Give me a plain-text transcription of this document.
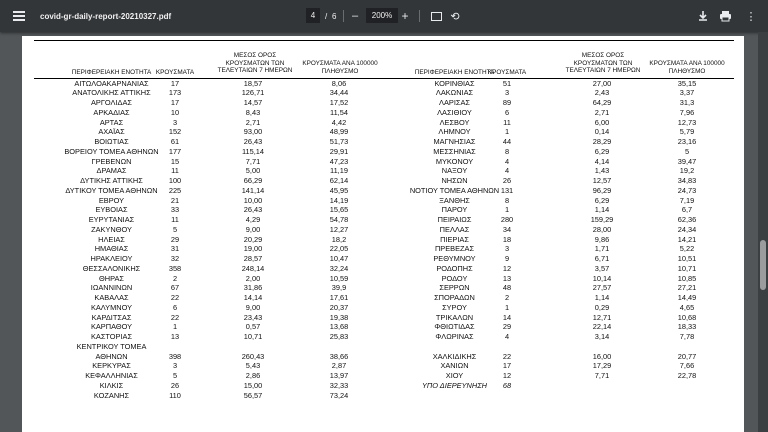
covid-gr-daily-report-20210327.pdf	4	/ 6 –	200% +	⟲	⋮
ΠΕΡΙΦΕΡΕΙΑΚΗ ΕΝΟΤΗΤΑ ΚΡΟΥΣΜΑΤΑ
ΜΕΣΟΣ ΟΡΟΣ ΚΡΟΥΣΜΑΤΩΝ ΤΩΝ ΤΕΛΕΥΤΑΙΩΝ 7 ΗΜΕΡΩΝ
ΚΡΟΥΣΜΑΤΑ ΑΝΑ 100000 ΠΛΗΘΥΣΜΟ	ΠΕΡΙΦΕΡΕΙΑΚΗ ΕΝΟΤΗΤΑ
ΚΡΟΥΣΜΑΤΑ
ΜΕΣΟΣ ΟΡΟΣ ΚΡΟΥΣΜΑΤΩΝ ΤΩΝ ΤΕΛΕΥΤΑΙΩΝ 7 ΗΜΕΡΩΝ
ΚΡΟΥΣΜΑΤΑ ΑΝΑ 100000 ΠΛΗΘΥΣΜΟ
ΑΙΤΩΛΟΑΚΑΡΝΑΝΙΑΣ	17	18,57	8,06
ΑΝΑΤΟΛΙΚΗΣ ΑΤΤΙΚΗΣ	173	126,71	34,44
ΑΡΓΟΛΙΔΑΣ	17	14,57	17,52
ΑΡΚΑΔΙΑΣ	10	8,43	11,54
ΑΡΤΑΣ	3	2,71	4,42
ΑΧΑΪΑΣ	152	93,00	48,99
ΒΟΙΩΤΙΑΣ	61	26,43	51,73
ΒΟΡΕΙΟΥ ΤΟΜΕΑ ΑΘΗΝΩΝ	177	115,14	29,91
ΓΡΕΒΕΝΩΝ	15	7,71	47,23
ΔΡΑΜΑΣ	11	5,00	11,19
ΔΥΤΙΚΗΣ ΑΤΤΙΚΗΣ	100	66,29	62,14
ΔΥΤΙΚΟΥ ΤΟΜΕΑ ΑΘΗΝΩΝ	225	141,14	45,95
ΕΒΡΟΥ	21	10,00	14,19
ΕΥΒΟΙΑΣ	33	26,43	15,65
ΕΥΡΥΤΑΝΙΑΣ	11	4,29	54,78
ΖΑΚΥΝΘΟΥ	5	9,00	12,27
ΗΛΕΙΑΣ	29	20,29	18,2
ΗΜΑΘΙΑΣ	31	19,00	22,05
ΗΡΑΚΛΕΙΟΥ	32	28,57	10,47
ΘΕΣΣΑΛΟΝΙΚΗΣ	358	248,14	32,24
ΘΗΡΑΣ	2	2,00	10,59
ΙΩΑΝΝΙΝΩΝ	67	31,86	39,9
ΚΑΒΑΛΑΣ	22	14,14	17,61
ΚΑΛΥΜΝΟΥ	6	9,00	20,37
ΚΑΡΔΙΤΣΑΣ	22	23,43	19,38
ΚΑΡΠΑΘΟΥ	1	0,57	13,68
ΚΑΣΤΟΡΙΑΣ	13	10,71	25,83
ΚΕΝΤΡΙΚΟΥ ΤΟΜΕΑ
ΑΘΗΝΩΝ	398	260,43	38,66
ΚΕΡΚΥΡΑΣ	3	5,43	2,87
ΚΕΦΑΛΛΗΝΙΑΣ	5	2,86	13,97
ΚΙΛΚΙΣ	26	15,00	32,33
ΚΟΖΑΝΗΣ	110	56,57	73,24
ΚΟΡΙΝΘΙΑΣ	51	27,00	35,15
ΛΑΚΩΝΙΑΣ	3	2,43	3,37
ΛΑΡΙΣΑΣ	89	64,29	31,3
ΛΑΣΙΘΙΟΥ	6	2,71	7,96
ΛΕΣΒΟΥ	11	6,00	12,73
ΛΗΜΝΟΥ	1	0,14	5,79
ΜΑΓΝΗΣΙΑΣ	44	28,29	23,16
ΜΕΣΣΗΝΙΑΣ	8	6,29	5
ΜΥΚΟΝΟΥ	4	4,14	39,47
ΝΑΞΟΥ	4	1,43	19,2
ΝΗΣΩΝ	26	12,57	34,83
ΝΟΤΙΟΥ ΤΟΜΕΑ ΑΘΗΝΩΝ 131	96,29	24,73
ΞΑΝΘΗΣ	8	6,29	7,19
ΠΑΡΟΥ	1	1,14	6,7
ΠΕΙΡΑΙΩΣ	280	159,29	62,36
ΠΕΛΛΑΣ	34	28,00	24,34
ΠΙΕΡΙΑΣ	18	9,86	14,21
ΠΡΕΒΕΖΑΣ	3	1,71	5,22
ΡΕΘΥΜΝΟΥ	9	6,71	10,51
ΡΟΔΟΠΗΣ	12	3,57	10,71
ΡΟΔΟΥ	13	10,14	10,85
ΣΕΡΡΩΝ	48	27,57	27,21
ΣΠΟΡΑΔΩΝ	2	1,14	14,49
ΣΥΡΟΥ	1	0,29	4,65
ΤΡΙΚΑΛΩΝ	14	12,71	10,68
ΦΘΙΩΤΙΔΑΣ	29	22,14	18,33
ΦΛΩΡΙΝΑΣ	4	3,14	7,78
ΧΑΛΚΙΔΙΚΗΣ	22	16,00	20,77
ΧΑΝΙΩΝ	17	17,29	7,66
ΧΙΟΥ	12	7,71	22,78
ΥΠΟ ΔΙΕΡΕΥΝΗΣΗ	68
